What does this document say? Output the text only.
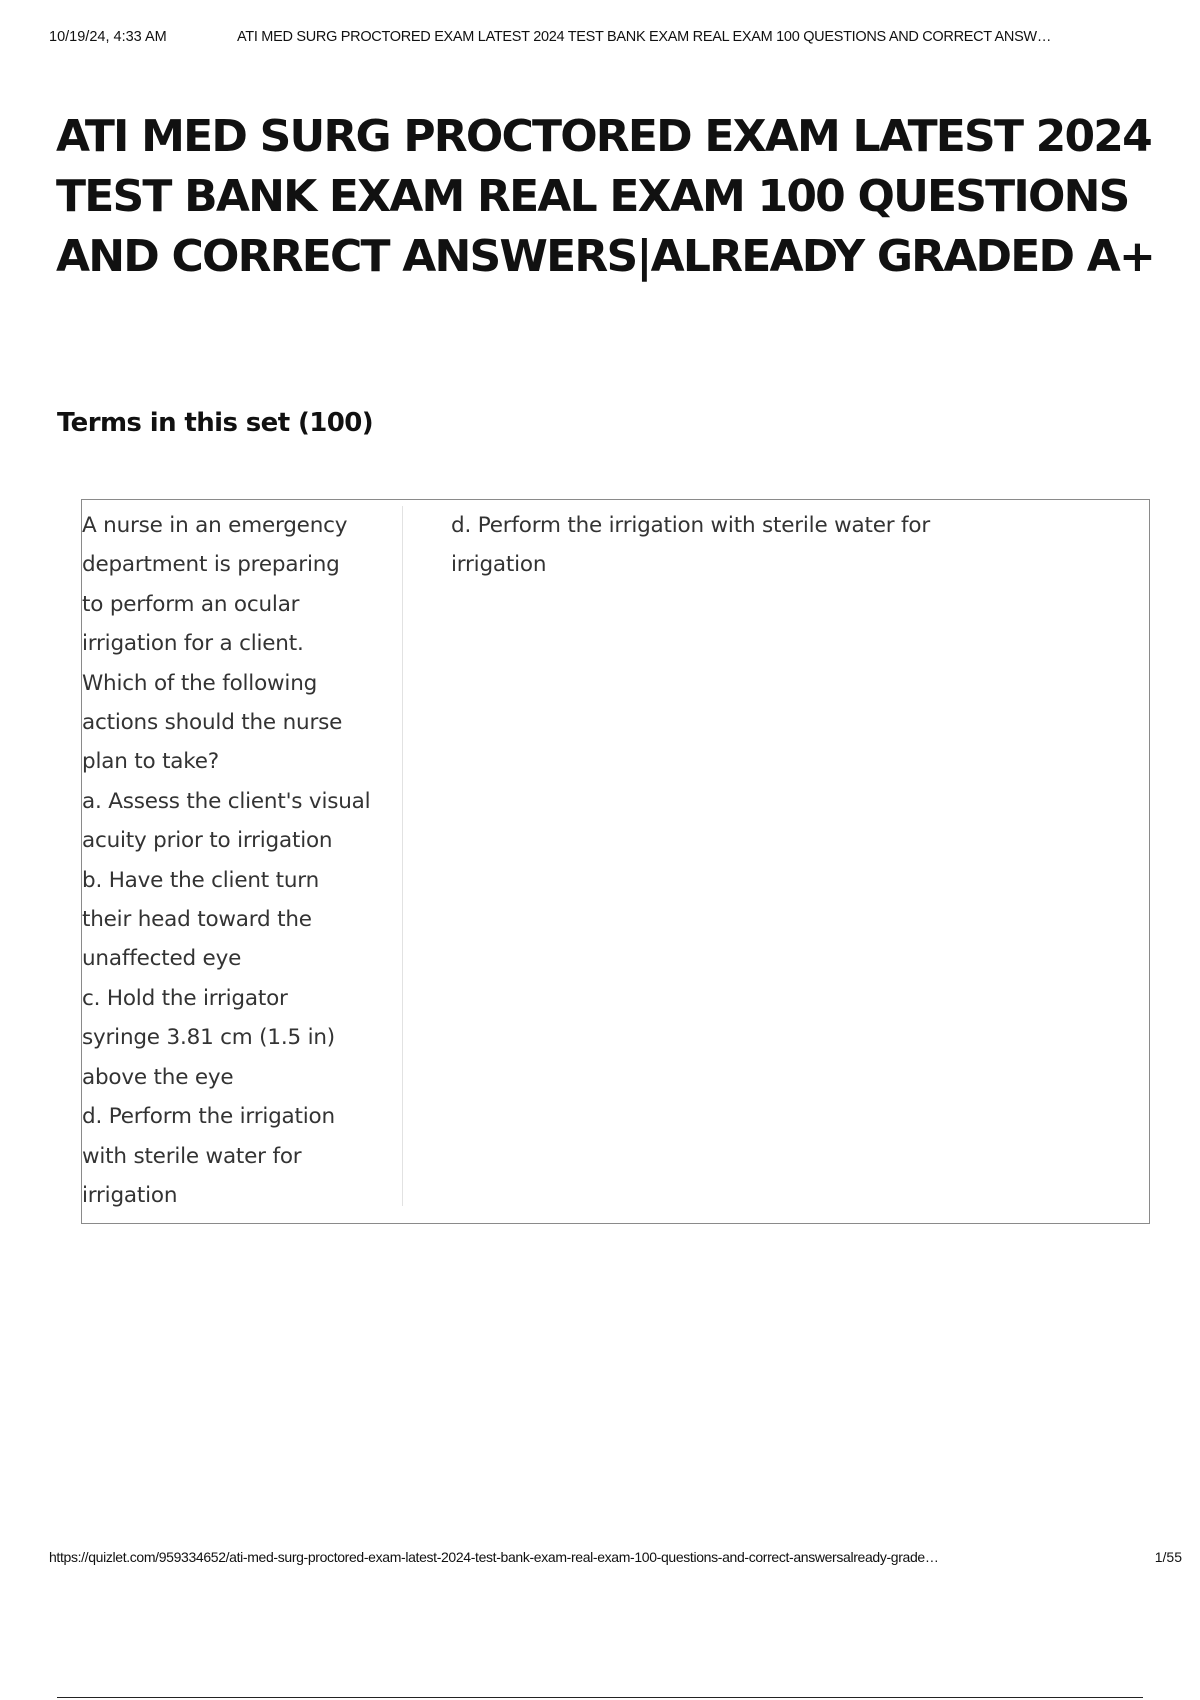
10/19/24, 4:33 AM	ATI MED SURG PROCTORED EXAM LATEST 2024 TEST BANK EXAM REAL EXAM 100 QUESTIONS AND CORRECT ANSW…
ATI MED SURG PROCTORED EXAM LATEST 2024
TEST BANK EXAM REAL EXAM 100 QUESTIONS
AND CORRECT ANSWERS|ALREADY GRADED A+
Terms in this set (100)
A nurse in an emergency
department is preparing
to perform an ocular
irrigation for a client.
Which of the following
actions should the nurse
plan to take?
a. Assess the client's visual
acuity prior to irrigation
b. Have the client turn
their head toward the
unaffected eye
c. Hold the irrigator
syringe 3.81 cm (1.5 in)
above the eye
d. Perform the irrigation
with sterile water for
irrigation
d. Perform the irrigation with sterile water for
irrigation
https://quizlet.com/959334652/ati-med-surg-proctored-exam-latest-2024-test-bank-exam-real-exam-100-questions-and-correct-answersalready-grade…	1/55
